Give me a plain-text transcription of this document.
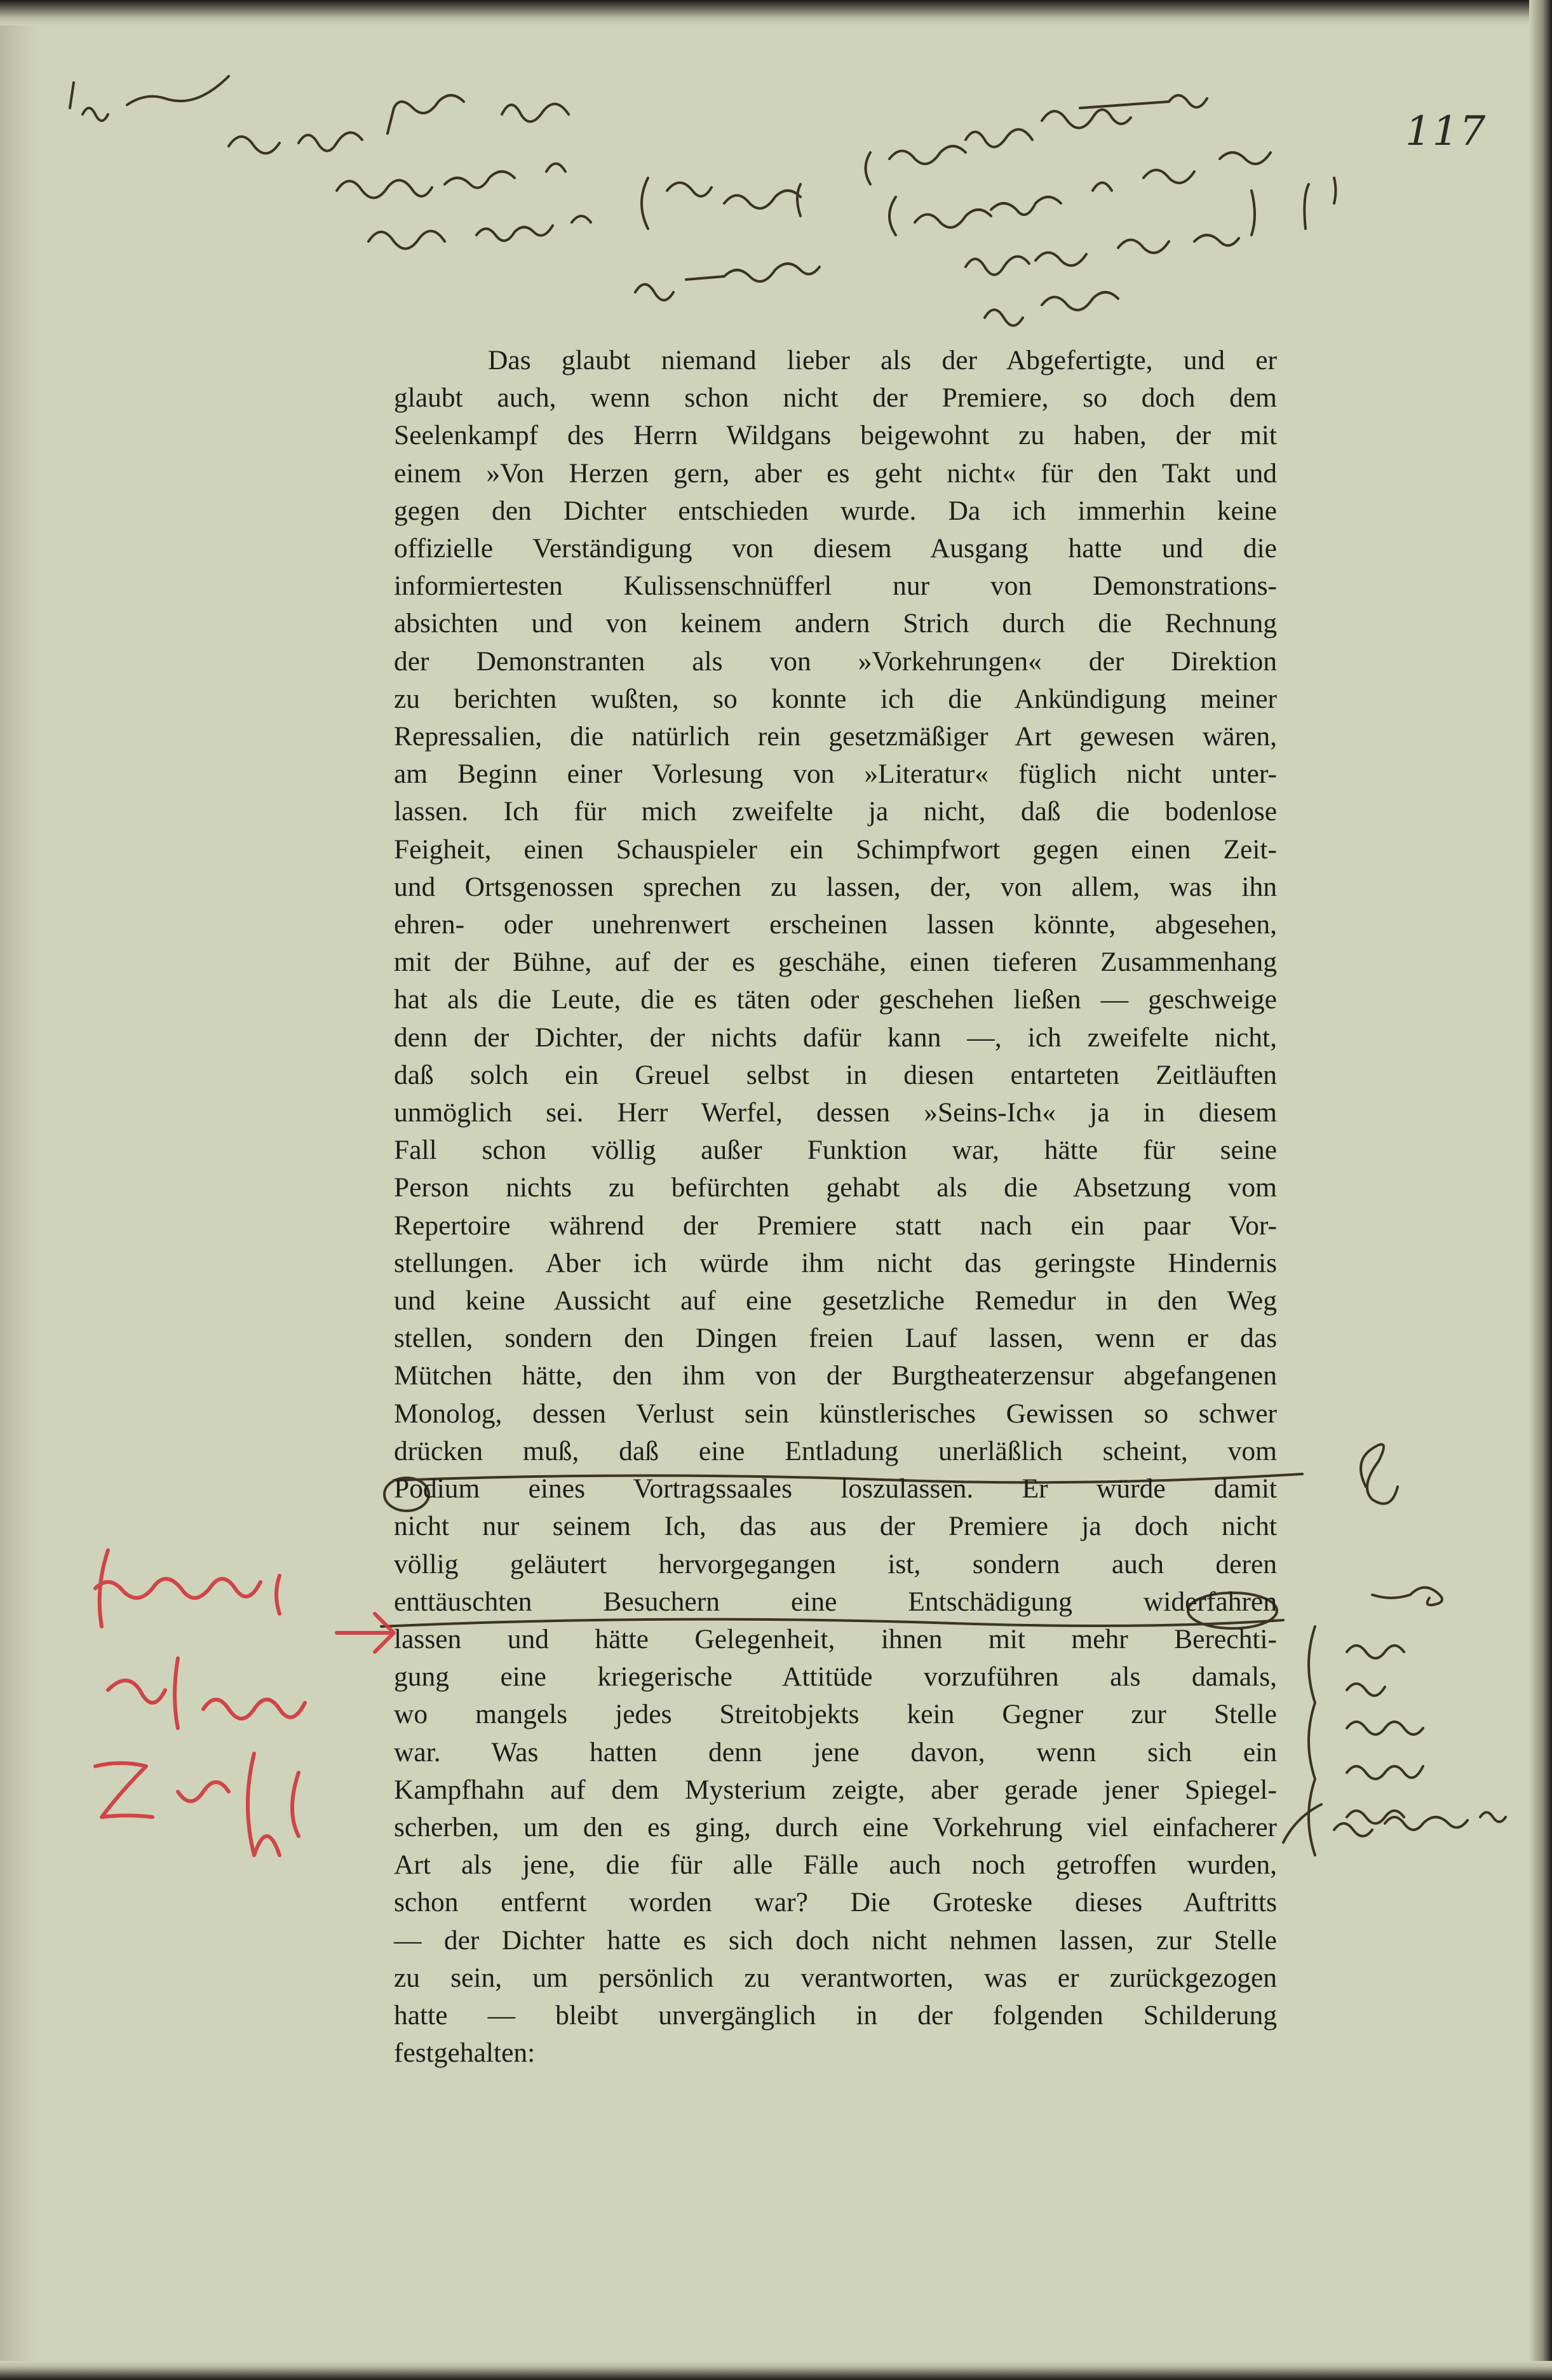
117
Das glaubt niemand lieber als der Abgefertigte, und er
glaubt auch, wenn schon nicht der Premiere, so doch dem
Seelenkampf des Herrn Wildgans beigewohnt zu haben, der mit
einem »Von Herzen gern, aber es geht nicht« für den Takt und
gegen den Dichter entschieden wurde. Da ich immerhin keine
offizielle Verständigung von diesem Ausgang hatte und die
informiertesten Kulissenschnüfferl nur von Demonstrations-
absichten und von keinem andern Strich durch die Rechnung
der Demonstranten als von »Vorkehrungen« der Direktion
zu berichten wußten, so konnte ich die Ankündigung meiner
Repressalien, die natürlich rein gesetzmäßiger Art gewesen wären,
am Beginn einer Vorlesung von »Literatur« füglich nicht unter-
lassen. Ich für mich zweifelte ja nicht, daß die bodenlose
Feigheit, einen Schauspieler ein Schimpfwort gegen einen Zeit-
und Ortsgenossen sprechen zu lassen, der, von allem, was ihn
ehren- oder unehrenwert erscheinen lassen könnte, abgesehen,
mit der Bühne, auf der es geschähe, einen tieferen Zusammenhang
hat als die Leute, die es täten oder geschehen ließen — geschweige
denn der Dichter, der nichts dafür kann —, ich zweifelte nicht,
daß solch ein Greuel selbst in diesen entarteten Zeitläuften
unmöglich sei. Herr Werfel, dessen »Seins-Ich« ja in diesem
Fall schon völlig außer Funktion war, hätte für seine
Person nichts zu befürchten gehabt als die Absetzung vom
Repertoire während der Premiere statt nach ein paar Vor-
stellungen. Aber ich würde ihm nicht das geringste Hindernis
und keine Aussicht auf eine gesetzliche Remedur in den Weg
stellen, sondern den Dingen freien Lauf lassen, wenn er das
Mütchen hätte, den ihm von der Burgtheaterzensur abgefangenen
Monolog, dessen Verlust sein künstlerisches Gewissen so schwer
drücken muß, daß eine Entladung unerläßlich scheint, vom
Podium eines Vortragssaales loszulassen. Er würde damit
nicht nur seinem Ich, das aus der Premiere ja doch nicht
völlig geläutert hervorgegangen ist, sondern auch deren
enttäuschten Besuchern eine Entschädigung widerfahren
lassen und hätte Gelegenheit, ihnen mit mehr Berechti-
gung eine kriegerische Attitüde vorzuführen als damals,
wo mangels jedes Streitobjekts kein Gegner zur Stelle
war. Was hatten denn jene davon, wenn sich ein
Kampfhahn auf dem Mysterium zeigte, aber gerade jener Spiegel-
scherben, um den es ging, durch eine Vorkehrung viel einfacherer
Art als jene, die für alle Fälle auch noch getroffen wurden,
schon entfernt worden war? Die Groteske dieses Auftritts
— der Dichter hatte es sich doch nicht nehmen lassen, zur Stelle
zu sein, um persönlich zu verantworten, was er zurückgezogen
hatte — bleibt unvergänglich in der folgenden Schilderung
festgehalten:
